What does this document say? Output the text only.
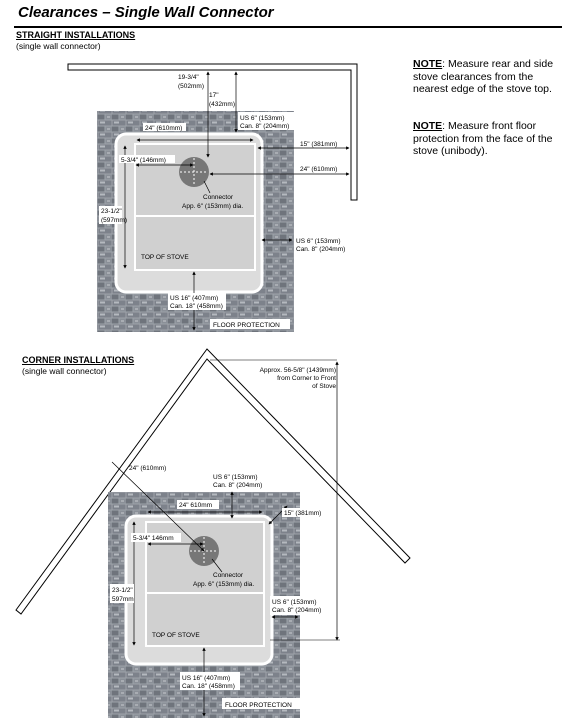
Clearances – Single Wall Connector
STRAIGHT INSTALLATIONS
(single wall connector)
NOTE: Measure rear and side stove clearances from the nearest edge of the stove top.
NOTE: Measure front floor protection from the face of the stove (unibody).
CORNER INSTALLATIONS
(single wall connector)
19-3/4"
(502mm)
17"
(432mm)
24" (610mm)
US 6" (153mm)
Can. 8" (204mm)
15" (381mm)
24" (610mm)
5-3/4" (146mm)
Connector
App. 6" (153mm) dia.
23-1/2"
(597mm)
US 6" (153mm)
Can. 8" (204mm)
TOP OF STOVE
US 16" (407mm)
Can. 18" (458mm)
FLOOR PROTECTION
Approx. 56-5/8" (1439mm)
from Corner to Front
of Stove
24" (610mm)
US 6" (153mm)
Can. 8" (204mm)
24" 610mm
15" (381mm)
5-3/4" 146mm
Connector
App. 6" (153mm) dia.
23-1/2"
597mm	US 6" (153mm)
Can. 8" (204mm)
TOP OF STOVE
US 16" (407mm)
Can. 18" (458mm)
FLOOR PROTECTION
